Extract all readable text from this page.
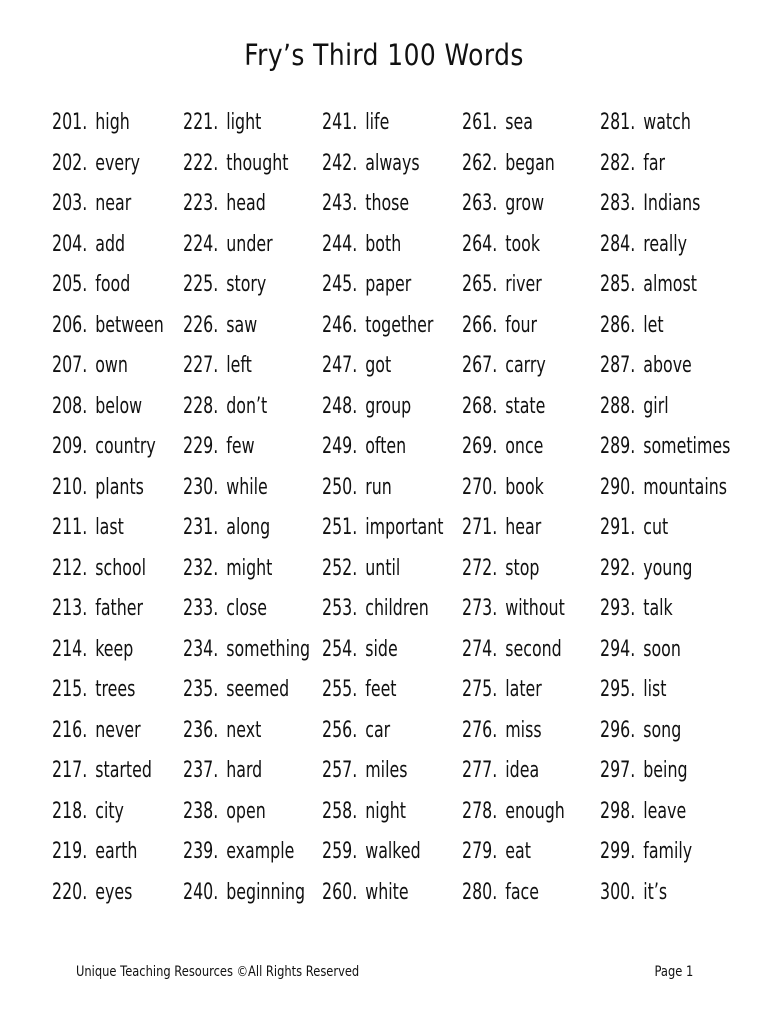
Fry’s Third 100 Words
201. high
202. every
203. near
204. add
205. food
206. between
207. own
208. below
209. country
210. plants
211. last
212. school
213. father
214. keep
215. trees
216. never
217. started
218. city
219. earth
220. eyes
221. light
222. thought
223. head
224. under
225. story
226. saw
227. left
228. don’t
229. few
230. while
231. along
232. might
233. close
234. something
235. seemed
236. next
237. hard
238. open
239. example
240. beginning
241. life
242. always
243. those
244. both
245. paper
246. together
247. got
248. group
249. often
250. run
251. important
252. until
253. children
254. side
255. feet
256. car
257. miles
258. night
259. walked
260. white
261. sea
262. began
263. grow
264. took
265. river
266. four
267. carry
268. state
269. once
270. book
271. hear
272. stop
273. without
274. second
275. later
276. miss
277. idea
278. enough
279. eat
280. face
281. watch
282. far
283. Indians
284. really
285. almost
286. let
287. above
288. girl
289. sometimes
290. mountains
291. cut
292. young
293. talk
294. soon
295. list
296. song
297. being
298. leave
299. family
300. it’s
Unique Teaching Resources ©All Rights Reserved	Page 1
